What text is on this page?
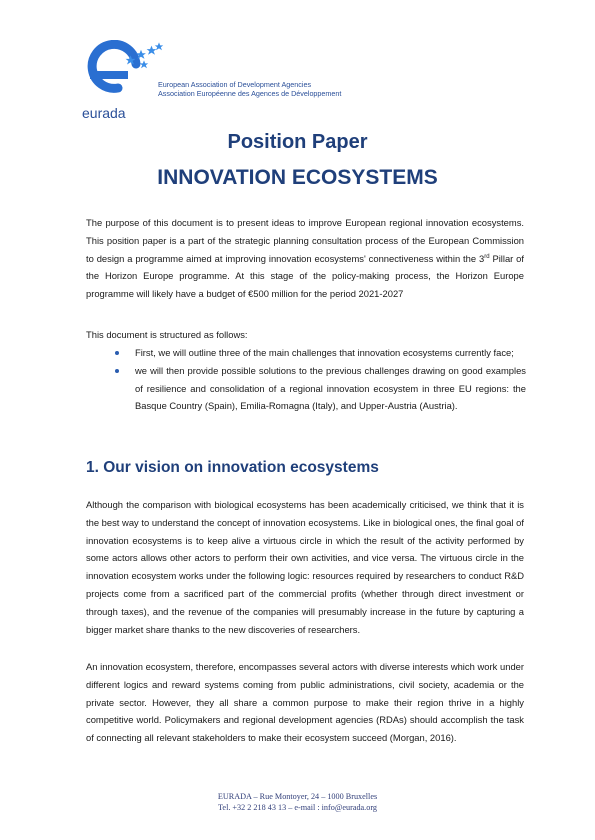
eurada
European Association of Development Agencies
Association Européenne des Agences de Développement
Position Paper
INNOVATION ECOSYSTEMS

The purpose of this document is to present ideas to improve European regional innovation ecosystems. This position paper is a part of the strategic planning consultation process of the European Commission to design a programme aimed at improving innovation ecosystems' connectiveness within the 3rd Pillar of the Horizon Europe programme. At this stage of the policy-making process, the Horizon Europe programme will likely have a budget of €500 million for the period 2021-2027

This document is structured as follows:

First, we will outline three of the main challenges that innovation ecosystems currently face;
we will then provide possible solutions to the previous challenges drawing on good examples of resilience and consolidation of a regional innovation ecosystem in three EU regions: the Basque Country (Spain), Emilia-Romagna (Italy), and Upper-Austria (Austria).
1. Our vision on innovation ecosystems

Although the comparison with biological ecosystems has been academically criticised, we think that it is the best way to understand the concept of innovation ecosystems. Like in biological ones, the final goal of innovation ecosystems is to keep alive a virtuous circle in which the result of the activity performed by some actors allows other actors to perform their own activities, and vice versa. The virtuous circle in the innovation ecosystem works under the following logic: resources required by researchers to conduct R&D projects come from a sacrificed part of the commercial profits (whether through direct investment or through taxes), and the revenue of the companies will presumably increase in the future by capturing a bigger market share thanks to the new discoveries of researchers.

An innovation ecosystem, therefore, encompasses several actors with diverse interests which work under different logics and reward systems coming from public administrations, civil society, academia or the private sector. However, they all share a common purpose to make their region thrive in a highly competitive world. Policymakers and regional development agencies (RDAs) should accomplish the task of connecting all relevant stakeholders to make their ecosystem succeed (Morgan, 2016).

EURADA – Rue Montoyer, 24 – 1000 Bruxelles
Tel. +32 2 218 43 13 – e-mail : info@eurada.org
